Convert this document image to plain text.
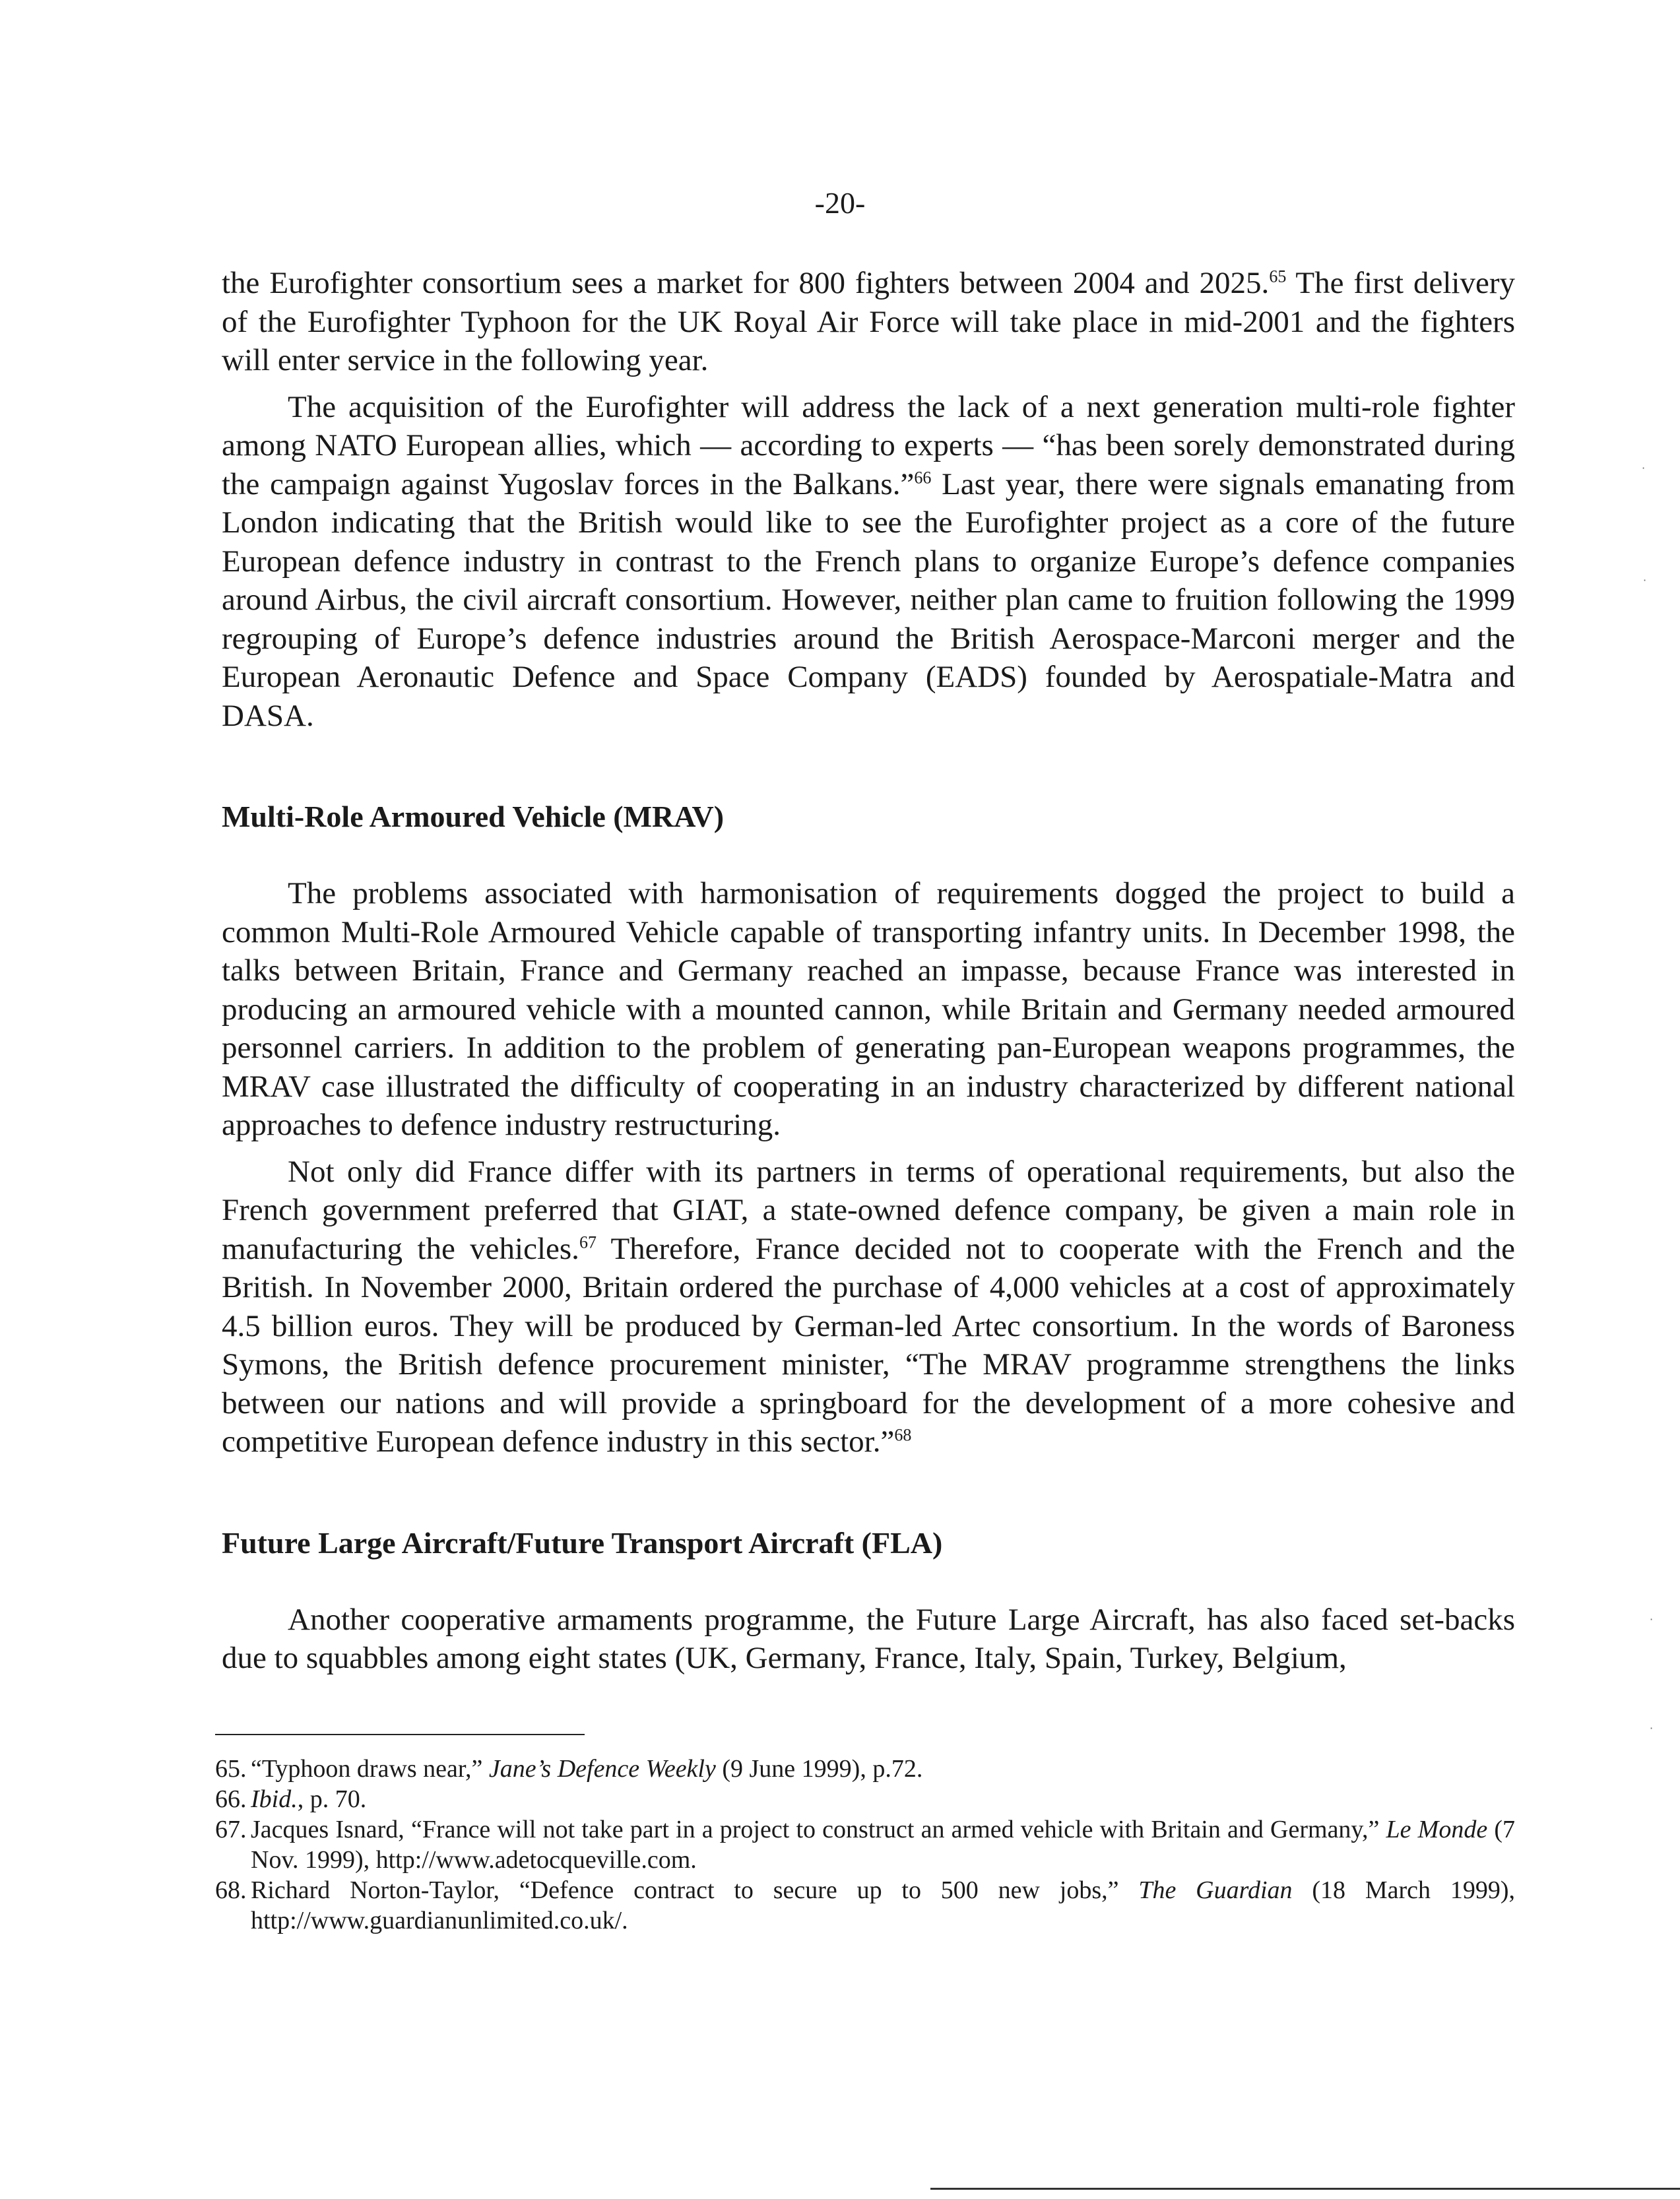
-20-

the Eurofighter consortium sees a market for 800 fighters between 2004 and 2025.65 The first delivery of the Eurofighter Typhoon for the UK Royal Air Force will take place in mid-2001 and the fighters will enter service in the following year.

The acquisition of the Eurofighter will address the lack of a next generation multi-role fighter among NATO European allies, which — according to experts — “has been sorely demonstrated during the campaign against Yugoslav forces in the Balkans.”$^{66}$ Last year, there were signals emanating from London indicating that the British would like to see the Eurofighter project as a core of the future European defence industry in contrast to the French plans to organize Europe’s defence companies around Airbus, the civil aircraft consortium. However, neither plan came to fruition following the 1999 regrouping of Europe’s defence industries around the British Aerospace-Marconi merger and the European Aeronautic Defence and Space Company (EADS) founded by Aerospatiale-Matra and DASA.

Multi-Role Armoured Vehicle (MRAV)

The problems associated with harmonisation of requirements dogged the project to build a common Multi-Role Armoured Vehicle capable of transporting infantry units. In December 1998, the talks between Britain, France and Germany reached an impasse, because France was interested in producing an armoured vehicle with a mounted cannon, while Britain and Germany needed armoured personnel carriers. In addition to the problem of generating pan-European weapons programmes, the MRAV case illustrated the difficulty of cooperating in an industry characterized by different national approaches to defence industry restructuring.

Not only did France differ with its partners in terms of operational requirements, but also the French government preferred that GIAT, a state-owned defence company, be given a main role in manufacturing the vehicles.$^{67}$ Therefore, France decided not to cooperate with the French and the British. In November 2000, Britain ordered the purchase of 4,000 vehicles at a cost of approximately 4.5 billion euros. They will be produced by German-led Artec consortium. In the words of Baroness Symons, the British defence procurement minister, “The MRAV programme strengthens the links between our nations and will provide a springboard for the development of a more cohesive and competitive European defence industry in this sector.”$^{68}$

Future Large Aircraft/Future Transport Aircraft (FLA)

Another cooperative armaments programme, the Future Large Aircraft, has also faced set-backs due to squabbles among eight states (UK, Germany, France, Italy, Spain, Turkey, Belgium,

65. “Typhoon draws near,” Jane’s Defence Weekly (9 June 1999), p.72.
66. Ibid., p. 70.
67. Jacques Isnard, “France will not take part in a project to construct an armed vehicle with Britain and Germany,” Le Monde (7 Nov. 1999), http://www.adetocqueville.com.
68. Richard Norton-Taylor, “Defence contract to secure up to 500 new jobs,” The Guardian (18 March 1999), http://www.guardianunlimited.co.uk/.
·
·
·
·
